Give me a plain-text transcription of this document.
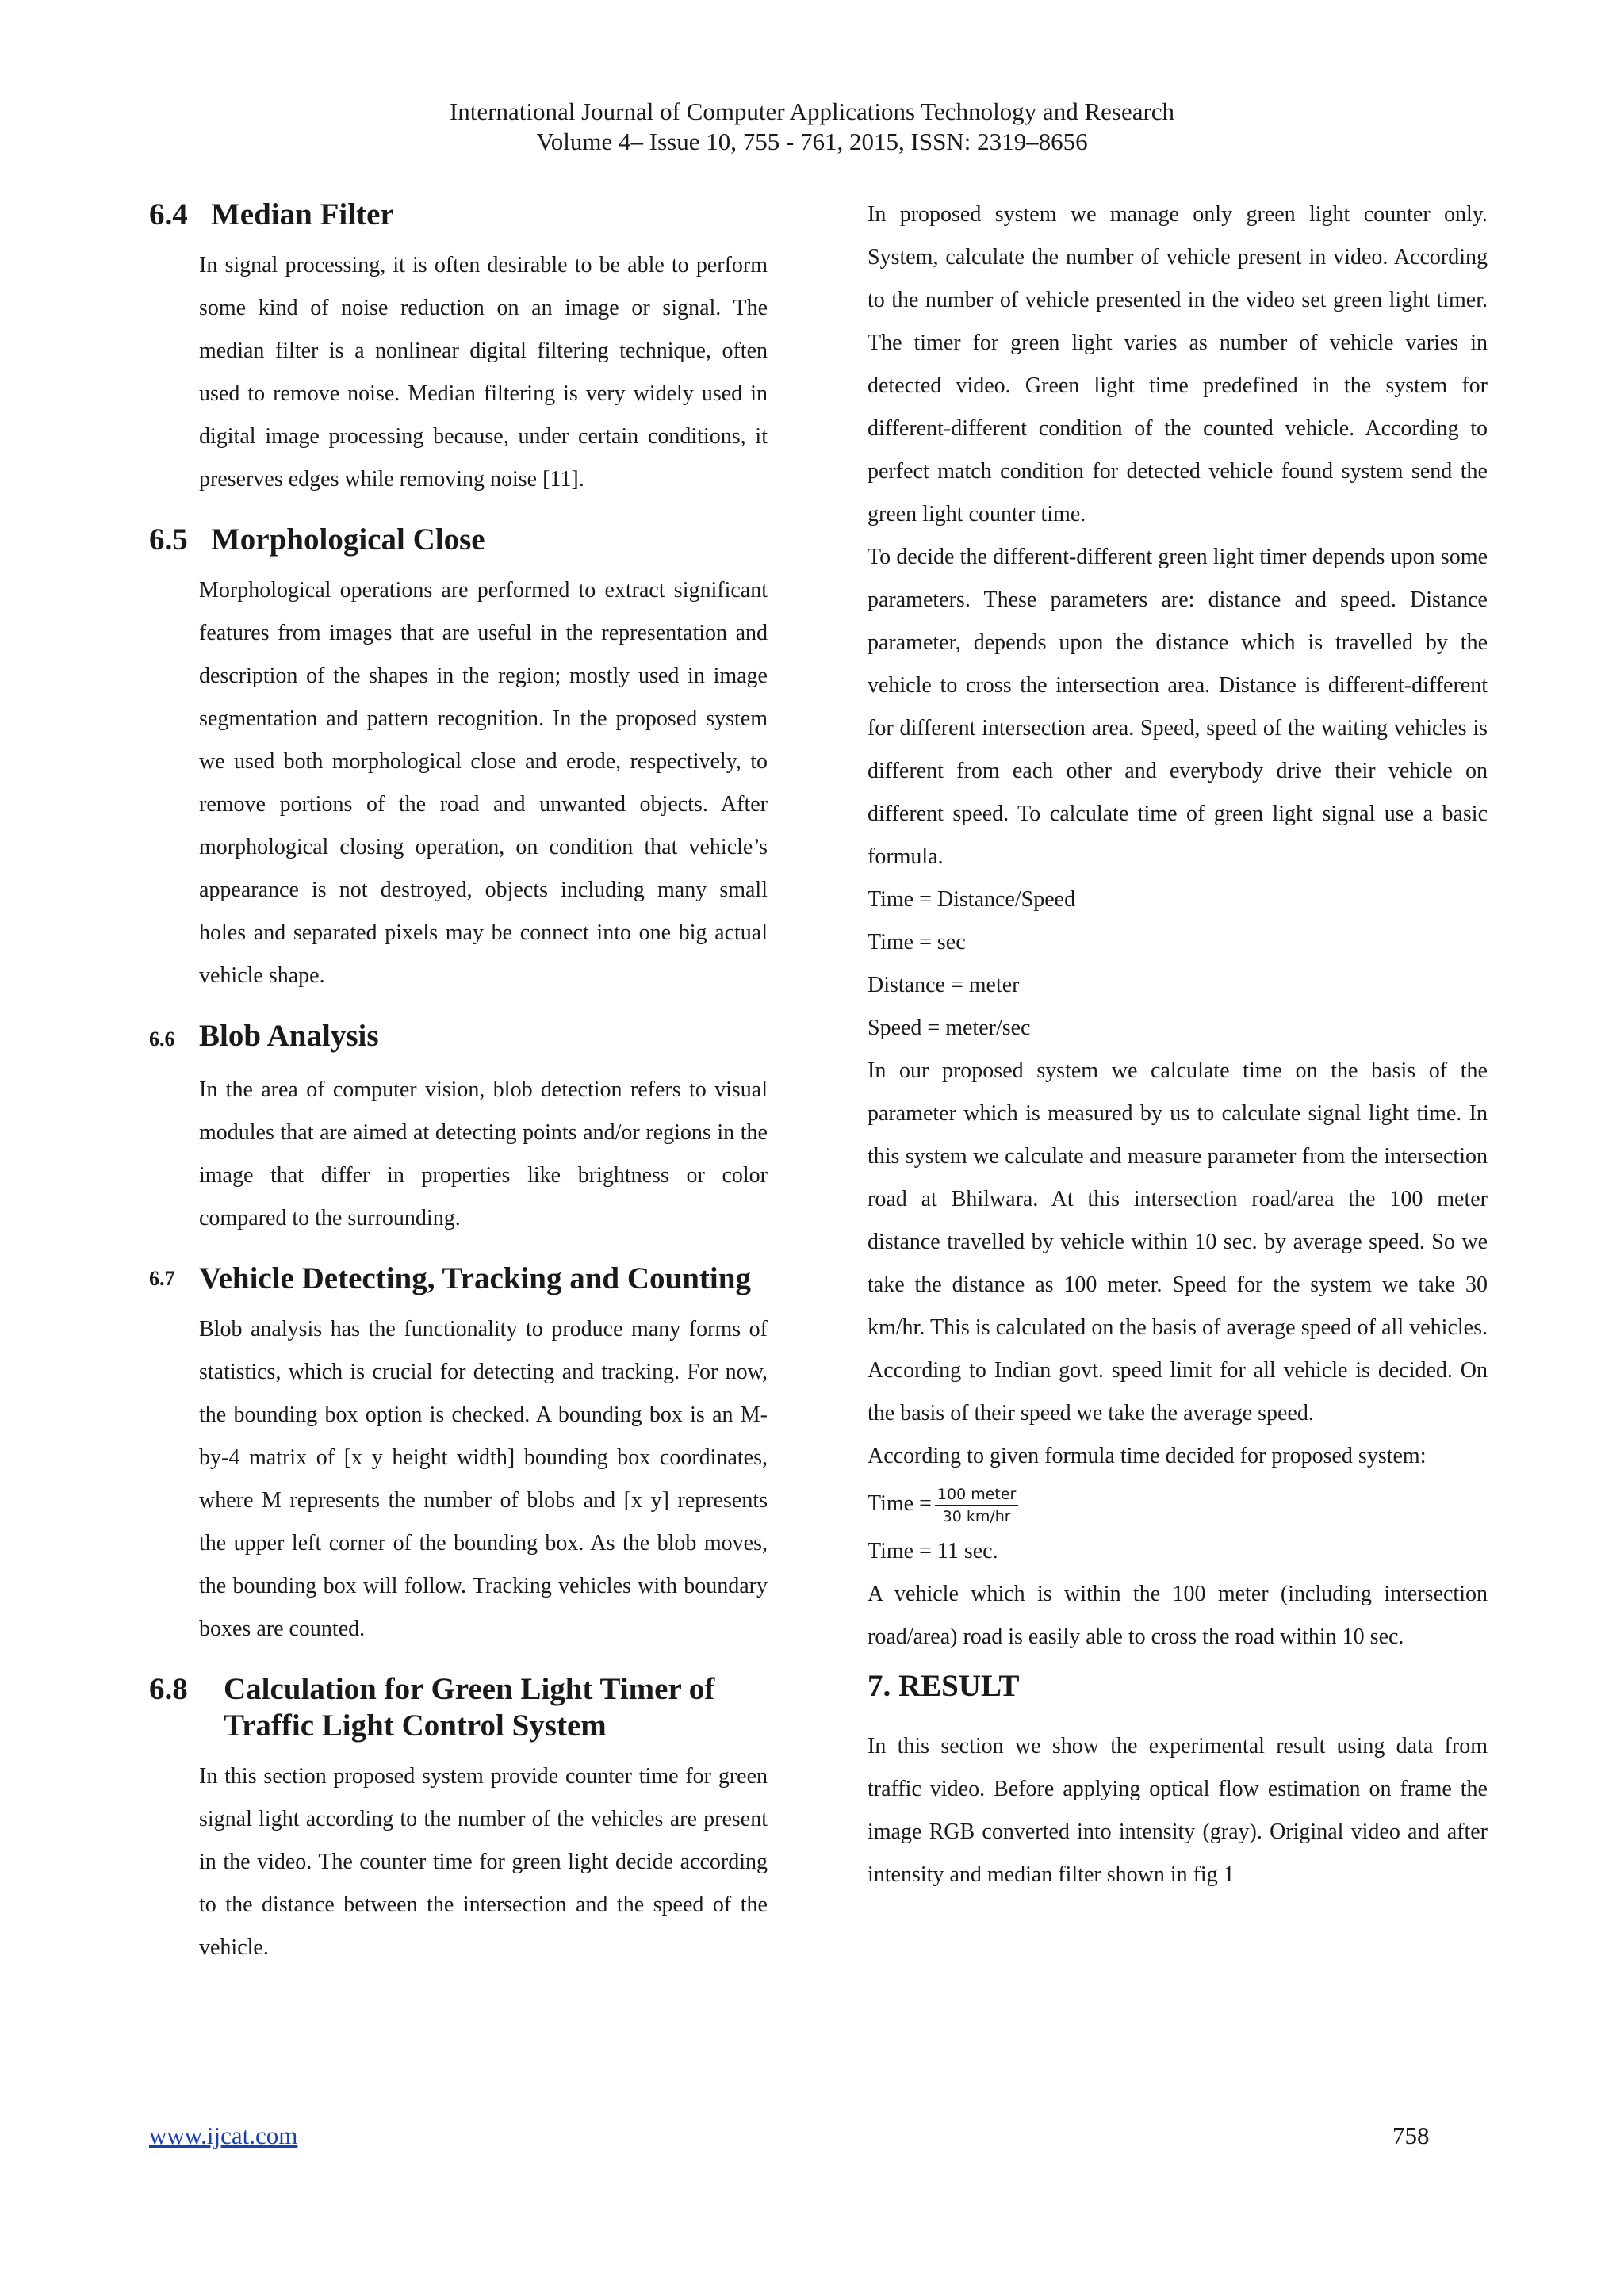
International Journal of Computer Applications Technology and Research
Volume 4– Issue 10, 755 - 761, 2015, ISSN: 2319–8656
6.4 Median Filter

In signal processing, it is often desirable to be able to perform some kind of noise reduction on an image or signal. The median filter is a nonlinear digital filtering technique, often used to remove noise. Median filtering is very widely used in digital image processing because, under certain conditions, it preserves edges while removing noise [11].

6.5 Morphological Close

Morphological operations are performed to extract significant features from images that are useful in the representation and description of the shapes in the region; mostly used in image segmentation and pattern recognition. In the proposed system we used both morphological close and erode, respectively, to remove portions of the road and unwanted objects. After morphological closing operation, on condition that vehicle’s appearance is not destroyed, objects including many small holes and separated pixels may be connect into one big actual vehicle shape.

6.6 Blob Analysis

In the area of computer vision, blob detection refers to visual modules that are aimed at detecting points and/or regions in the image that differ in properties like brightness or color compared to the surrounding.

6.7 Vehicle Detecting, Tracking and Counting

Blob analysis has the functionality to produce many forms of statistics, which is crucial for detecting and tracking. For now, the bounding box option is checked. A bounding box is an M-by-4 matrix of [x y height width] bounding box coordinates, where M represents the number of blobs and [x y] represents the upper left corner of the bounding box. As the blob moves, the bounding box will follow. Tracking vehicles with boundary boxes are counted.

6.8	Calculation for Green Light Timer of Traffic Light Control System

In this section proposed system provide counter time for green signal light according to the number of the vehicles are present in the video. The counter time for green light decide according to the distance between the intersection and the speed of the vehicle.

In proposed system we manage only green light counter only. System, calculate the number of vehicle present in video. According to the number of vehicle presented in the video set green light timer. The timer for green light varies as number of vehicle varies in detected video. Green light time predefined in the system for different-different condition of the counted vehicle. According to perfect match condition for detected vehicle found system send the green light counter time.

To decide the different-different green light timer depends upon some parameters. These parameters are: distance and speed. Distance parameter, depends upon the distance which is travelled by the vehicle to cross the intersection area. Distance is different-different for different intersection area. Speed, speed of the waiting vehicles is different from each other and everybody drive their vehicle on different speed. To calculate time of green light signal use a basic formula.

Time = Distance/Speed

Time = sec

Distance = meter

Speed = meter/sec

In our proposed system we calculate time on the basis of the parameter which is measured by us to calculate signal light time. In this system we calculate and measure parameter from the intersection road at Bhilwara. At this intersection road/area the 100 meter distance travelled by vehicle within 10 sec. by average speed. So we take the distance as 100 meter. Speed for the system we take 30 km/hr. This is calculated on the basis of average speed of all vehicles. According to Indian govt. speed limit for all vehicle is decided. On the basis of their speed we take the average speed.

According to given formula time decided for proposed system:

Time = $\frac{\text{100 meter}}{30 km/hr}$

Time = 11 sec.

A vehicle which is within the 100 meter (including intersection road/area) road is easily able to cross the road within 10 sec.

7. RESULT

In this section we show the experimental result using data from traffic video. Before applying optical flow estimation on frame the image RGB converted into intensity (gray). Original video and after intensity and median filter shown in fig 1

www.ijcat.com	758
